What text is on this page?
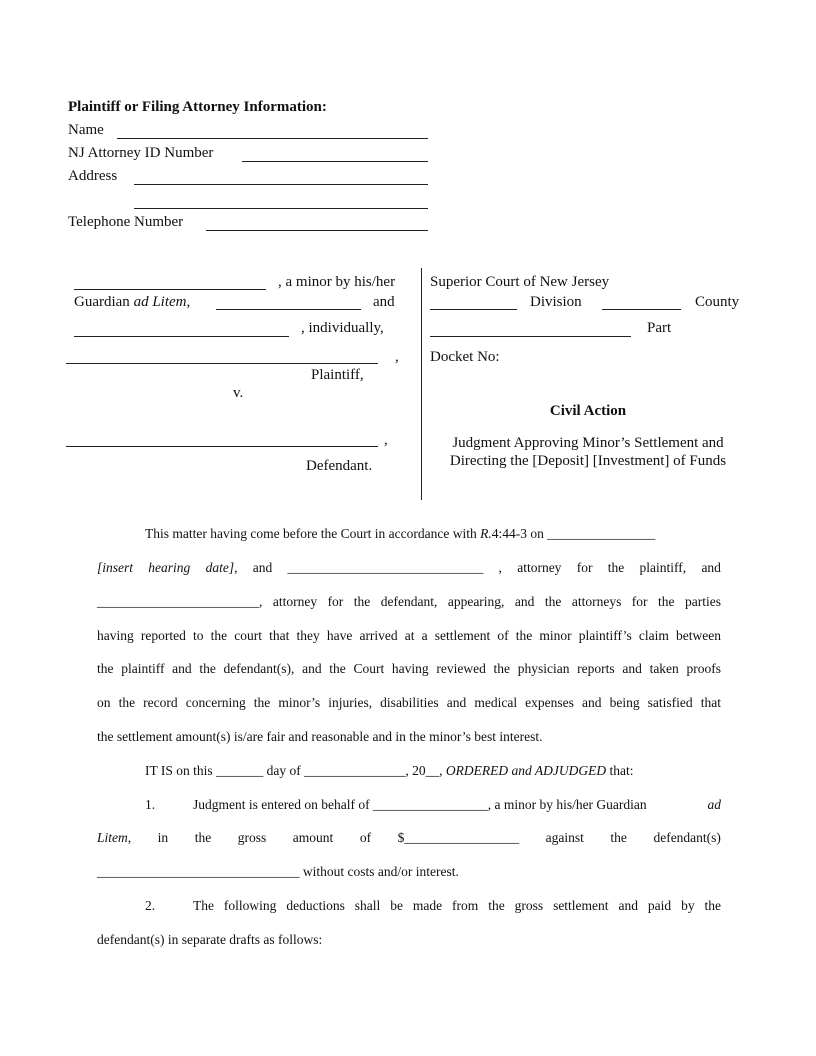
Plaintiff or Filing Attorney Information:
Name
NJ Attorney ID Number
Address
Telephone Number
, a minor by his/her
Guardian ad Litem,	and
, individually,
,
Plaintiff,
v.
,
Defendant.
Superior Court of New Jersey
Division	County
Part
Docket No:
Civil Action
Judgment Approving Minor’s Settlement and
Directing the [Deposit] [Investment] of Funds
This matter having come before the Court in accordance with R.4:44-3 on ________________
[insert hearing date], and _____________________________ , attorney for the plaintiff, and
________________________, attorney for the defendant, appearing, and the attorneys for the parties
having reported to the court that they have arrived at a settlement of the minor plaintiff’s claim between
the plaintiff and the defendant(s), and the Court having reviewed the physician reports and taken proofs
on the record concerning the minor’s injuries, disabilities and medical expenses and being satisfied that
the settlement amount(s) is/are fair and reasonable and in the minor’s best interest.
IT IS on this _______ day of _______________, 20__, ORDERED and ADJUDGED that:
1.	Judgment is entered on behalf of _________________, a minor by his/her Guardian	ad
Litem, in the gross amount of $_________________ against the defendant(s)
______________________________ without costs and/or interest.
2.	The following deductions shall be made from the gross settlement and paid by the
defendant(s) in separate drafts as follows:
